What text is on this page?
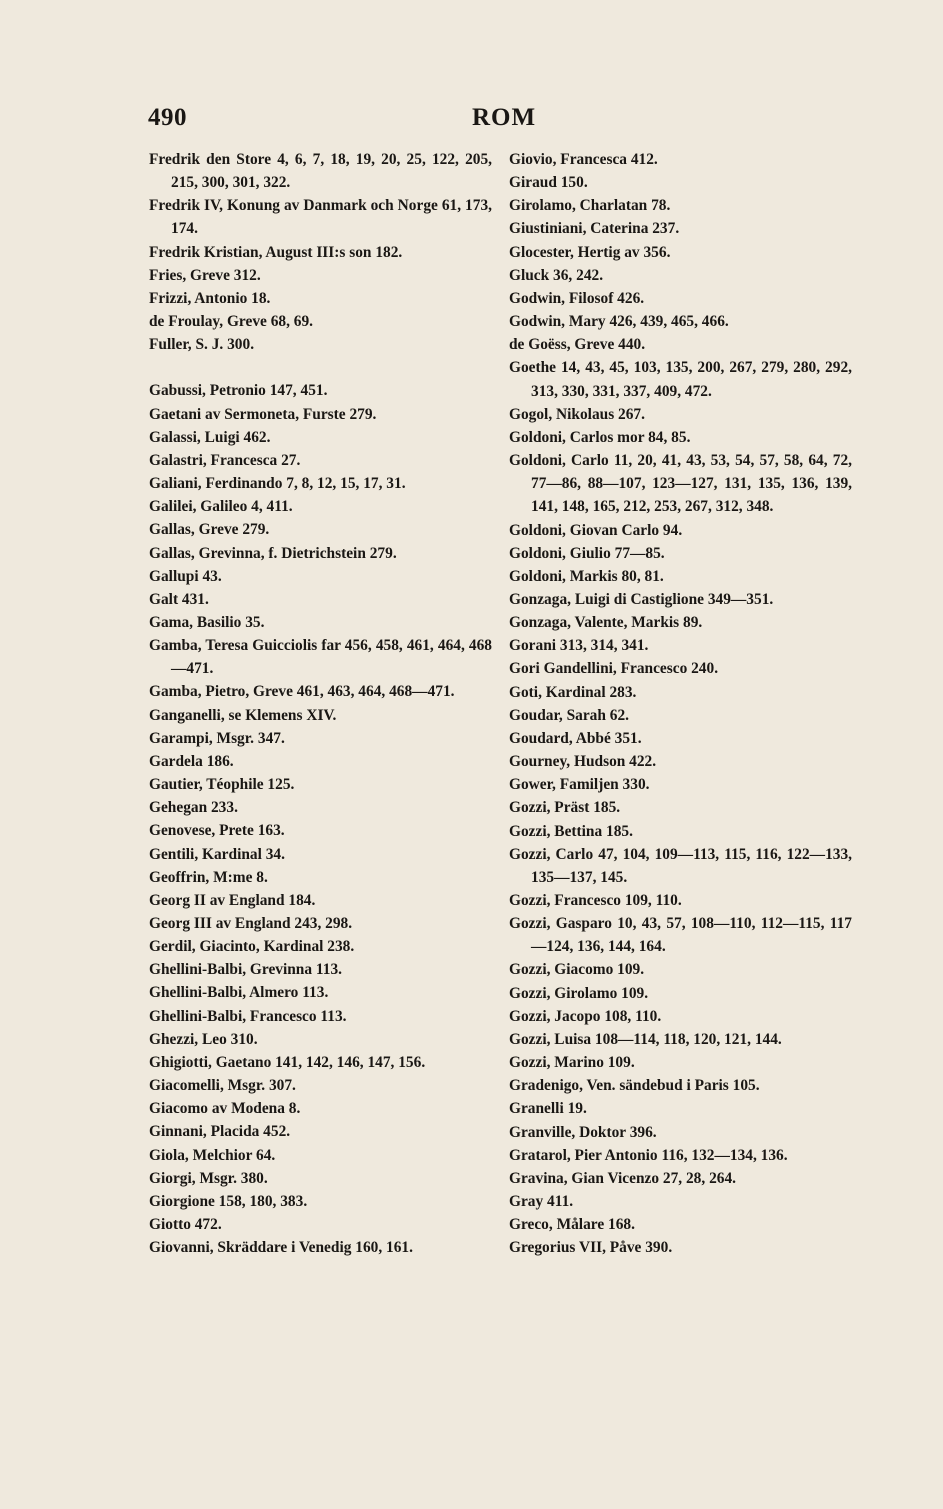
490	ROM

Fredrik den Store 4, 6, 7, 18, 19, 20, 25, 122, 205, 215, 300, 301, 322.

Fredrik IV, Konung av Danmark och Norge 61, 173, 174.

Fredrik Kristian, August III:s son 182.

Fries, Greve 312.

Frizzi, Antonio 18.

de Froulay, Greve 68, 69.

Fuller, S. J. 300.

Gabussi, Petronio 147, 451.

Gaetani av Sermoneta, Furste 279.

Galassi, Luigi 462.

Galastri, Francesca 27.

Galiani, Ferdinando 7, 8, 12, 15, 17, 31.

Galilei, Galileo 4, 411.

Gallas, Greve 279.

Gallas, Grevinna, f. Dietrichstein 279.

Gallupi 43.

Galt 431.

Gama, Basilio 35.

Gamba, Teresa Guicciolis far 456, 458, 461, 464, 468—471.

Gamba, Pietro, Greve 461, 463, 464, 468—471.

Ganganelli, se Klemens XIV.

Garampi, Msgr. 347.

Gardela 186.

Gautier, Téophile 125.

Gehegan 233.

Genovese, Prete 163.

Gentili, Kardinal 34.

Geoffrin, M:me 8.

Georg II av England 184.

Georg III av England 243, 298.

Gerdil, Giacinto, Kardinal 238.

Ghellini-Balbi, Grevinna 113.

Ghellini-Balbi, Almero 113.

Ghellini-Balbi, Francesco 113.

Ghezzi, Leo 310.

Ghigiotti, Gaetano 141, 142, 146, 147, 156.

Giacomelli, Msgr. 307.

Giacomo av Modena 8.

Ginnani, Placida 452.

Giola, Melchior 64.

Giorgi, Msgr. 380.

Giorgione 158, 180, 383.

Giotto 472.

Giovanni, Skräddare i Venedig 160, 161.

Giovio, Francesca 412.

Giraud 150.

Girolamo, Charlatan 78.

Giustiniani, Caterina 237.

Glocester, Hertig av 356.

Gluck 36, 242.

Godwin, Filosof 426.

Godwin, Mary 426, 439, 465, 466.

de Goëss, Greve 440.

Goethe 14, 43, 45, 103, 135, 200, 267, 279, 280, 292, 313, 330, 331, 337, 409, 472.

Gogol, Nikolaus 267.

Goldoni, Carlos mor 84, 85.

Goldoni, Carlo 11, 20, 41, 43, 53, 54, 57, 58, 64, 72, 77—86, 88—107, 123—127, 131, 135, 136, 139, 141, 148, 165, 212, 253, 267, 312, 348.

Goldoni, Giovan Carlo 94.

Goldoni, Giulio 77—85.

Goldoni, Markis 80, 81.

Gonzaga, Luigi di Castiglione 349—351.

Gonzaga, Valente, Markis 89.

Gorani 313, 314, 341.

Gori Gandellini, Francesco 240.

Goti, Kardinal 283.

Goudar, Sarah 62.

Goudard, Abbé 351.

Gourney, Hudson 422.

Gower, Familjen 330.

Gozzi, Präst 185.

Gozzi, Bettina 185.

Gozzi, Carlo 47, 104, 109—113, 115, 116, 122—133, 135—137, 145.

Gozzi, Francesco 109, 110.

Gozzi, Gasparo 10, 43, 57, 108—110, 112—115, 117—124, 136, 144, 164.

Gozzi, Giacomo 109.

Gozzi, Girolamo 109.

Gozzi, Jacopo 108, 110.

Gozzi, Luisa 108—114, 118, 120, 121, 144.

Gozzi, Marino 109.

Gradenigo, Ven. sändebud i Paris 105.

Granelli 19.

Granville, Doktor 396.

Gratarol, Pier Antonio 116, 132—134, 136.

Gravina, Gian Vicenzo 27, 28, 264.

Gray 411.

Greco, Målare 168.

Gregorius VII, Påve 390.
